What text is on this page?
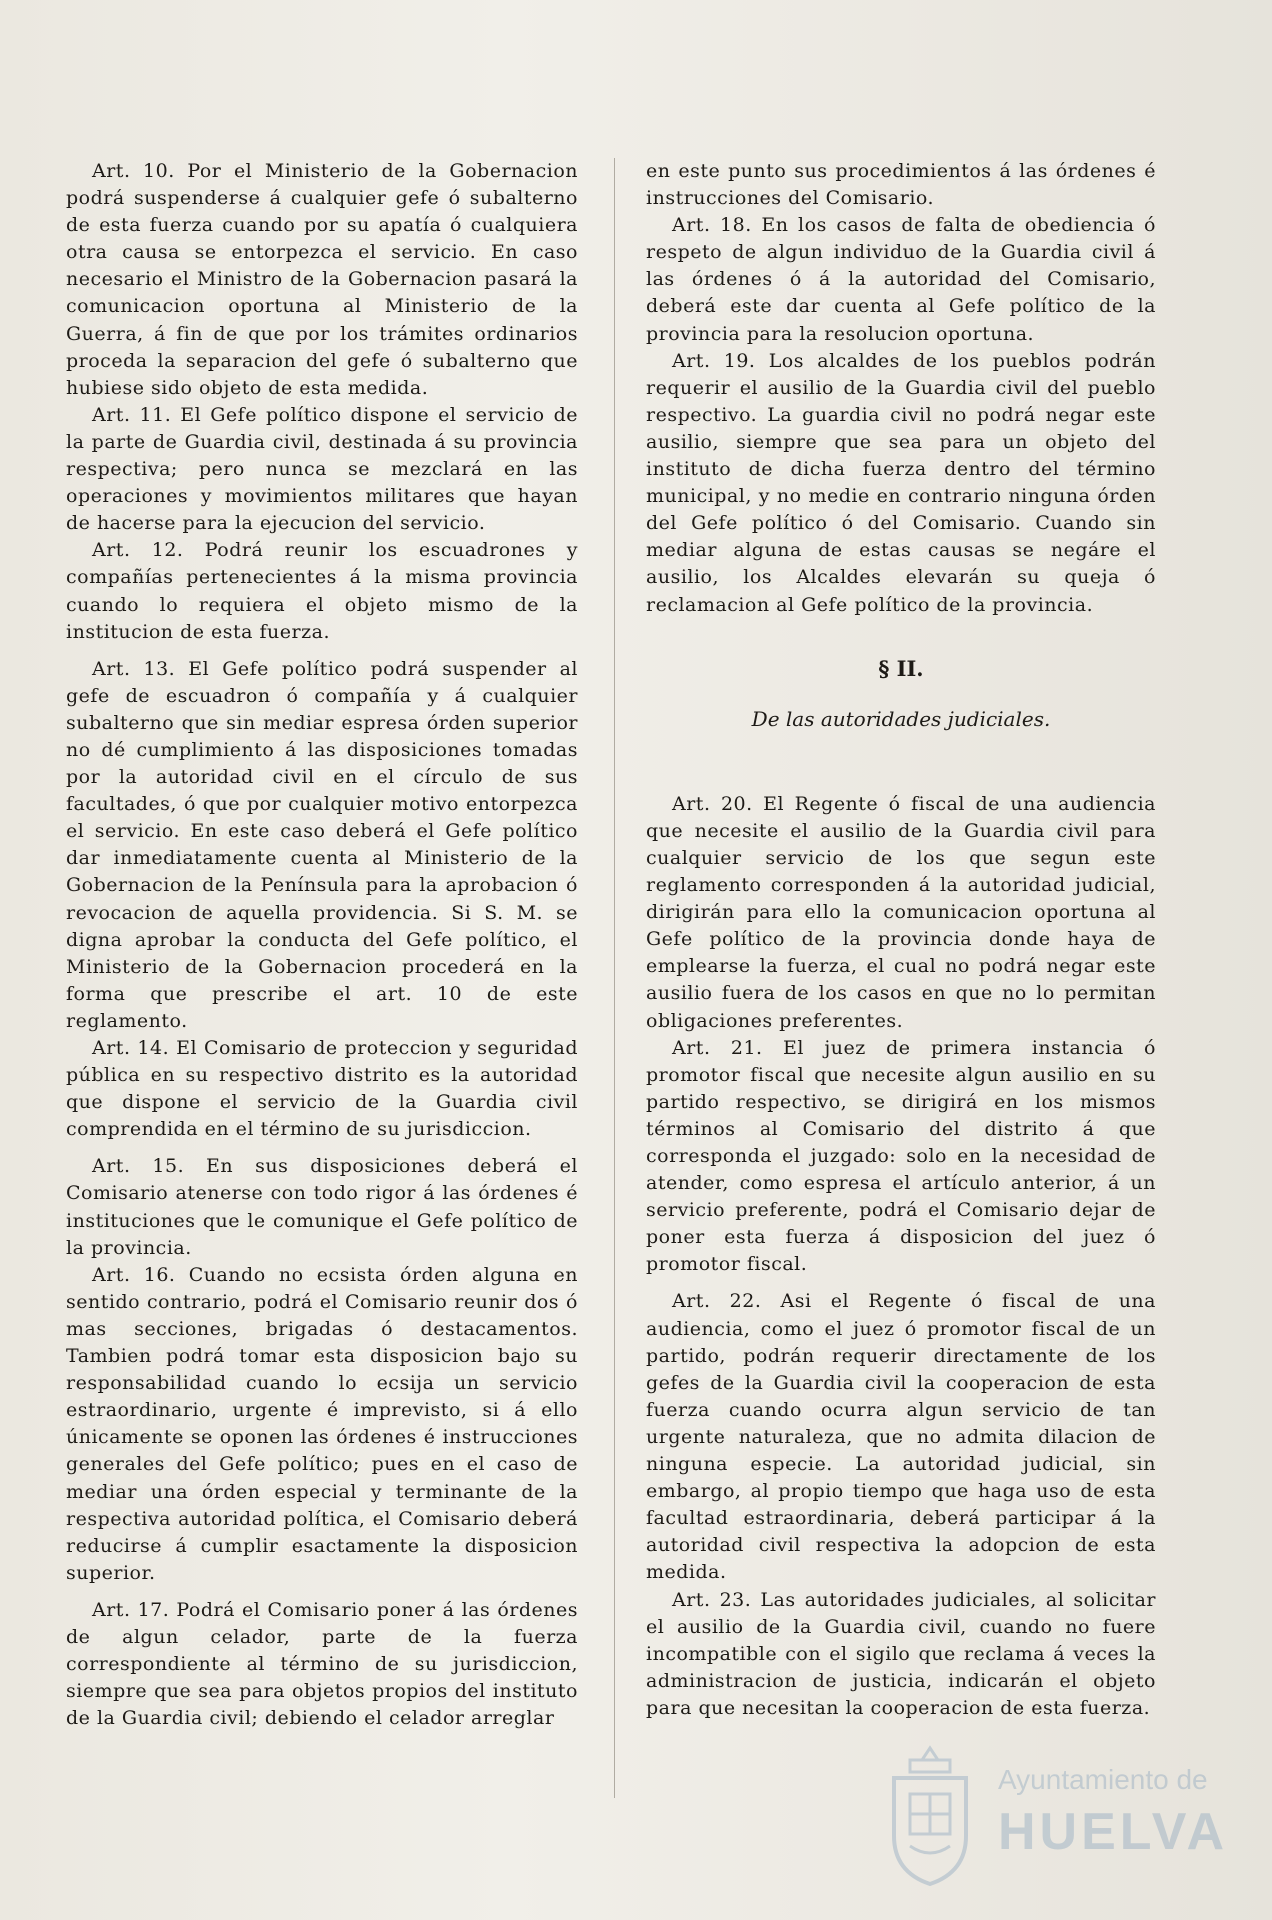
Art. 10. Por el Ministerio de la Gobernacion podrá suspenderse á cualquier gefe ó subalterno de esta fuerza cuando por su apatía ó cualquiera otra causa se entorpezca el servicio. En caso necesario el Ministro de la Gobernacion pasará la comunicacion oportuna al Ministerio de la Guerra, á fin de que por los trámites ordinarios proceda la separacion del gefe ó subalterno que hubiese sido objeto de esta medida.

Art. 11. El Gefe político dispone el servicio de la parte de Guardia civil, destinada á su provincia respectiva; pero nunca se mezclará en las operaciones y movimientos militares que hayan de hacerse para la ejecucion del servicio.

Art. 12. Podrá reunir los escuadrones y compañías pertenecientes á la misma provincia cuando lo requiera el objeto mismo de la institucion de esta fuerza.

Art. 13. El Gefe político podrá suspender al gefe de escuadron ó compañía y á cualquier subalterno que sin mediar espresa órden superior no dé cumplimiento á las disposiciones tomadas por la autoridad civil en el círculo de sus facultades, ó que por cualquier motivo entorpezca el servicio. En este caso deberá el Gefe político dar inmediatamente cuenta al Ministerio de la Gobernacion de la Península para la aprobacion ó revocacion de aquella providencia. Si S. M. se digna aprobar la conducta del Gefe político, el Ministerio de la Gobernacion procederá en la forma que prescribe el art. 10 de este reglamento.

Art. 14. El Comisario de proteccion y seguridad pública en su respectivo distrito es la autoridad que dispone el servicio de la Guardia civil comprendida en el término de su jurisdiccion.

Art. 15. En sus disposiciones deberá el Comisario atenerse con todo rigor á las órdenes é instituciones que le comunique el Gefe político de la provincia.

Art. 16. Cuando no ecsista órden alguna en sentido contrario, podrá el Comisario reunir dos ó mas secciones, brigadas ó destacamentos. Tambien podrá tomar esta disposicion bajo su responsabilidad cuando lo ecsija un servicio estraordinario, urgente é imprevisto, si á ello únicamente se oponen las órdenes é instrucciones generales del Gefe político; pues en el caso de mediar una órden especial y terminante de la respectiva autoridad política, el Comisario deberá reducirse á cumplir esactamente la disposicion superior.

Art. 17. Podrá el Comisario poner á las órdenes de algun celador, parte de la fuerza correspondiente al término de su jurisdiccion, siempre que sea para objetos propios del instituto de la Guardia civil; debiendo el celador arreglar

en este punto sus procedimientos á las órdenes é instrucciones del Comisario.

Art. 18. En los casos de falta de obediencia ó respeto de algun individuo de la Guardia civil á las órdenes ó á la autoridad del Comisario, deberá este dar cuenta al Gefe político de la provincia para la resolucion oportuna.

Art. 19. Los alcaldes de los pueblos podrán requerir el ausilio de la Guardia civil del pueblo respectivo. La guardia civil no podrá negar este ausilio, siempre que sea para un objeto del instituto de dicha fuerza dentro del término municipal, y no medie en contrario ninguna órden del Gefe político ó del Comisario. Cuando sin mediar alguna de estas causas se negáre el ausilio, los Alcaldes elevarán su queja ó reclamacion al Gefe político de la provincia.

§ II.

De las autoridades judiciales.

Art. 20. El Regente ó fiscal de una audiencia que necesite el ausilio de la Guardia civil para cualquier servicio de los que segun este reglamento corresponden á la autoridad judicial, dirigirán para ello la comunicacion oportuna al Gefe político de la provincia donde haya de emplearse la fuerza, el cual no podrá negar este ausilio fuera de los casos en que no lo permitan obligaciones preferentes.

Art. 21. El juez de primera instancia ó promotor fiscal que necesite algun ausilio en su partido respectivo, se dirigirá en los mismos términos al Comisario del distrito á que corresponda el juzgado: solo en la necesidad de atender, como espresa el artículo anterior, á un servicio preferente, podrá el Comisario dejar de poner esta fuerza á disposicion del juez ó promotor fiscal.

Art. 22. Asi el Regente ó fiscal de una audiencia, como el juez ó promotor fiscal de un partido, podrán requerir directamente de los gefes de la Guardia civil la cooperacion de esta fuerza cuando ocurra algun servicio de tan urgente naturaleza, que no admita dilacion de ninguna especie. La autoridad judicial, sin embargo, al propio tiempo que haga uso de esta facultad estraordinaria, deberá participar á la autoridad civil respectiva la adopcion de esta medida.

Art. 23. Las autoridades judiciales, al solicitar el ausilio de la Guardia civil, cuando no fuere incompatible con el sigilo que reclama á veces la administracion de justicia, indicarán el objeto para que necesitan la cooperacion de esta fuerza.

Ayuntamiento de
HUELVA
